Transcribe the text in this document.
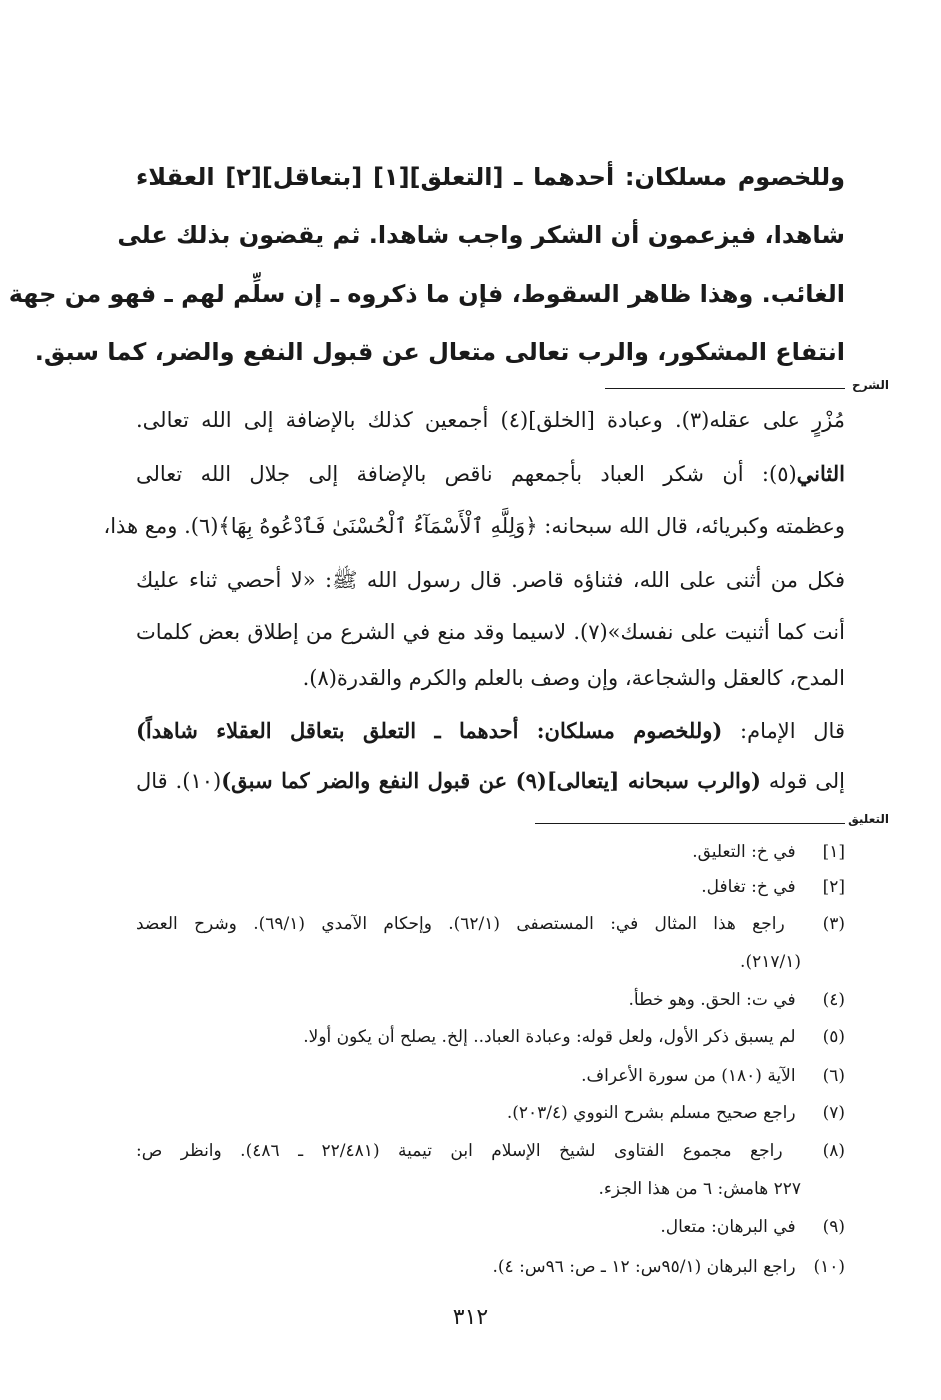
وللخصوم مسلكان: أحدهما ـ [التعلق][١] [بتعاقل][٢] العقلاء
شاهدا، فيزعمون أن الشكر واجب شاهدا. ثم يقضون بذلك على
الغائب. وهذا ظاهر السقوط، فإن ما ذكروه ـ إن سلِّم لهم ـ فهو من جهة
انتفاع المشكور، والرب تعالى متعال عن قبول النفع والضر، كما سبق.
الشرح
مُزْرٍ على عقله(٣). وعبادة [الخلق](٤) أجمعين كذلك بالإضافة إلى الله تعالى.
الثاني(٥): أن شكر العباد بأجمعهم ناقص بالإضافة إلى جلال الله تعالى
وعظمته وكبريائه، قال الله سبحانه: ﴿وَلِلَّهِ ٱلْأَسْمَآءُ ٱلْحُسْنَىٰ فَٱدْعُوهُ بِهَا﴾(٦). ومع هذا،
فكل من أثنى على الله، فثناؤه قاصر. قال رسول الله ﷺ: «لا أحصي ثناء عليك
أنت كما أثنيت على نفسك»(٧). لاسيما وقد منع في الشرع من إطلاق بعض كلمات
المدح، كالعقل والشجاعة، وإن وصف بالعلم والكرم والقدرة(٨).
قال الإمام: (وللخصوم مسلكان: أحدهما ـ التعلق بتعاقل العقلاء شاهداً)
إلى قوله (والرب سبحانه [يتعالى](٩) عن قبول النفع والضر كما سبق)(١٠). قال
التعليق
[١] في خ: التعليق.
[٢] في خ: تغافل.
(٣) راجع هذا المثال في: المستصفى (٦٢/١). وإحكام الآمدي (٦٩/١). وشرح العضد
(٢١٧/١).
(٤) في ت: الحق. وهو خطأ.
(٥) لم يسبق ذكر الأول، ولعل قوله: وعبادة العباد.. إلخ. يصلح أن يكون أولا.
(٦) الآية (١٨٠) من سورة الأعراف.
(٧) راجع صحيح مسلم بشرح النووي (٢٠٣/٤).
(٨) راجع مجموع الفتاوى لشيخ الإسلام ابن تيمية (٢٢/٤٨١ ـ ٤٨٦). وانظر ص:
٢٢٧ هامش: ٦ من هذا الجزء.
(٩) في البرهان: متعال.
(١٠) راجع البرهان (٩٥/١س: ١٢ ـ ص: ٩٦س: ٤).
٣١٢
